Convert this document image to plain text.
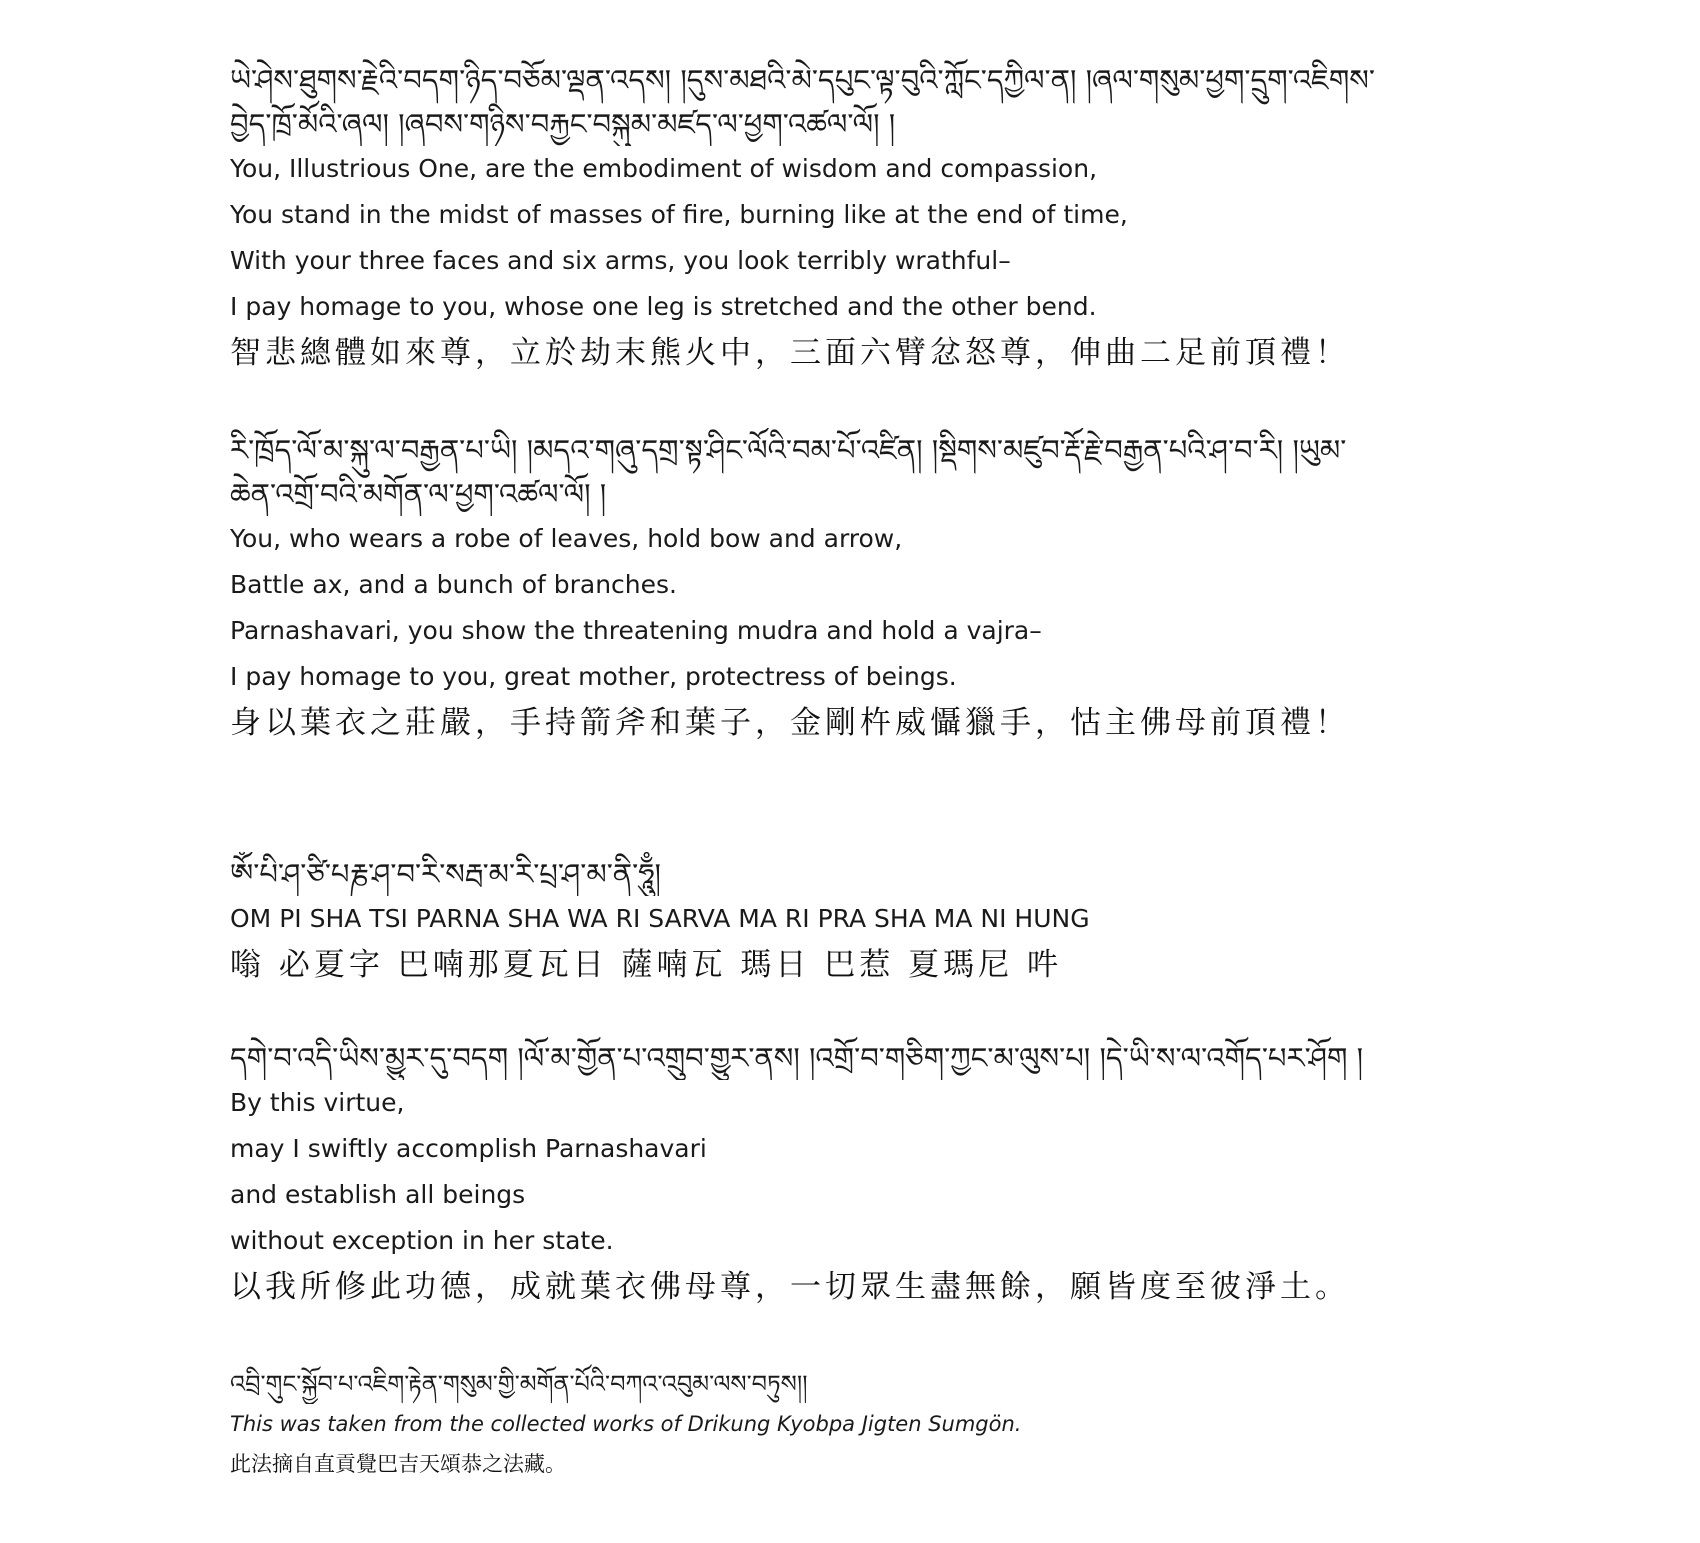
ཡེ་ཤེས་ཐུགས་རྗེའི་བདག་ཉིད་བཅོམ་ལྡན་འདས། །དུས་མཐའི་མེ་དཔུང་ལྟ་བུའི་ཀློང་དཀྱིལ་ན། །ཞལ་གསུམ་ཕྱག་དྲུག་འཇིགས་
བྱེད་ཁྲོ་མོའི་ཞལ། །ཞབས་གཉིས་བརྐྱང་བསྐུམ་མཛད་ལ་ཕྱག་འཚལ་ལོ། །
You, Illustrious One, are the embodiment of wisdom and compassion,
You stand in the midst of masses of fire, burning like at the end of time,
With your three faces and six arms, you look terribly wrathful–
I pay homage to you, whose one leg is stretched and the other bend.
智悲總體如來尊，立於劫末熊火中，三面六臂忿怒尊，伸曲二足前頂禮！
རི་ཁྲོད་ལོ་མ་སྐུ་ལ་བརྒྱན་པ་ཡི། །མདའ་གཞུ་དགྲ་སྟ་ཤིང་ལོའི་བམ་པོ་འཛིན། །སྡིགས་མཛུབ་རྡོ་རྗེ་བརྒྱན་པའི་ཤ་བ་རི། །ཡུམ་
ཆེན་འགྲོ་བའི་མགོན་ལ་ཕྱག་འཚལ་ལོ། །
You, who wears a robe of leaves, hold bow and arrow,
Battle ax, and a bunch of branches.
Parnashavari, you show the threatening mudra and hold a vajra–
I pay homage to you, great mother, protectress of beings.
身以葉衣之莊嚴，手持箭斧和葉子，金剛杵威懾獵手，怙主佛母前頂禮！
ༀ་པི་ཤ་ཙི་པརྞ་ཤ་བ་རི་སརྦ་མ་རི་པྲ་ཤ་མ་ནི་ཧཱུྃ།
OM PI SHA TSI PARNA SHA WA RI SARVA MA RI PRA SHA MA NI HUNG
嗡 必夏字 巴喃那夏瓦日 薩喃瓦 瑪日 巴惹 夏瑪尼 吽
དགེ་བ་འདི་ཡིས་མྱུར་དུ་བདག །ལོ་མ་གྱོན་པ་འགྲུབ་གྱུར་ནས། །འགྲོ་བ་གཅིག་ཀྱང་མ་ལུས་པ། །དེ་ཡི་ས་ལ་འགོད་པར་ཤོག །
By this virtue,
may I swiftly accomplish Parnashavari
and establish all beings
without exception in her state.
以我所修此功德，成就葉衣佛母尊，一切眾生盡無餘，願皆度至彼淨土。
འབྲི་གུང་སྐྱོབ་པ་འཇིག་རྟེན་གསུམ་གྱི་མགོན་པོའི་བཀའ་འབུམ་ལས་བཏུས།།
This was taken from the collected works of Drikung Kyobpa Jigten Sumgön.
此法摘自直貢覺巴吉天頌恭之法藏。
